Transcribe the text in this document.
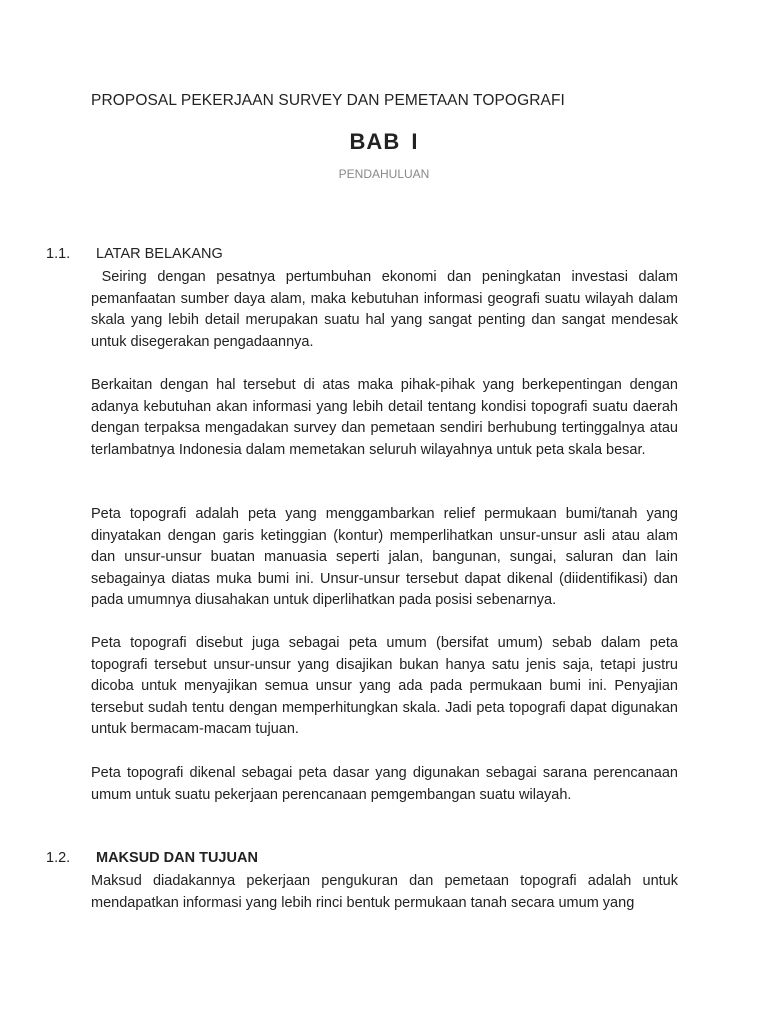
PROPOSAL PEKERJAAN SURVEY DAN PEMETAAN TOPOGRAFI
BAB I
PENDAHULUAN
1.1. LATAR BELAKANG

Seiring dengan pesatnya pertumbuhan ekonomi dan peningkatan investasi dalam pemanfaatan sumber daya alam, maka kebutuhan informasi geografi suatu wilayah dalam skala yang lebih detail merupakan suatu hal yang sangat penting dan sangat mendesak untuk disegerakan pengadaannya.

Berkaitan dengan hal tersebut di atas maka pihak-pihak yang berkepentingan dengan adanya kebutuhan akan informasi yang lebih detail tentang kondisi topografi suatu daerah dengan terpaksa mengadakan survey dan pemetaan sendiri berhubung tertinggalnya atau terlambatnya Indonesia dalam memetakan seluruh wilayahnya untuk peta skala besar.

Peta topografi adalah peta yang menggambarkan relief permukaan bumi/tanah yang dinyatakan dengan garis ketinggian (kontur) memperlihatkan unsur-unsur asli atau alam dan unsur-unsur buatan manuasia seperti jalan, bangunan, sungai, saluran dan lain sebagainya diatas muka bumi ini. Unsur-unsur tersebut dapat dikenal (diidentifikasi) dan pada umumnya diusahakan untuk diperlihatkan pada posisi sebenarnya.

Peta topografi disebut juga sebagai peta umum (bersifat umum) sebab dalam peta topografi tersebut unsur-unsur yang disajikan bukan hanya satu jenis saja, tetapi justru dicoba untuk menyajikan semua unsur yang ada pada permukaan bumi ini. Penyajian tersebut sudah tentu dengan memperhitungkan skala. Jadi peta topografi dapat digunakan untuk bermacam-macam tujuan.

Peta topografi dikenal sebagai peta dasar yang digunakan sebagai sarana perencanaan umum untuk suatu pekerjaan perencanaan pemgembangan suatu wilayah.

1.2. MAKSUD DAN TUJUAN

Maksud diadakannya pekerjaan pengukuran dan pemetaan topografi adalah untuk mendapatkan informasi yang lebih rinci bentuk permukaan tanah secara umum yang
